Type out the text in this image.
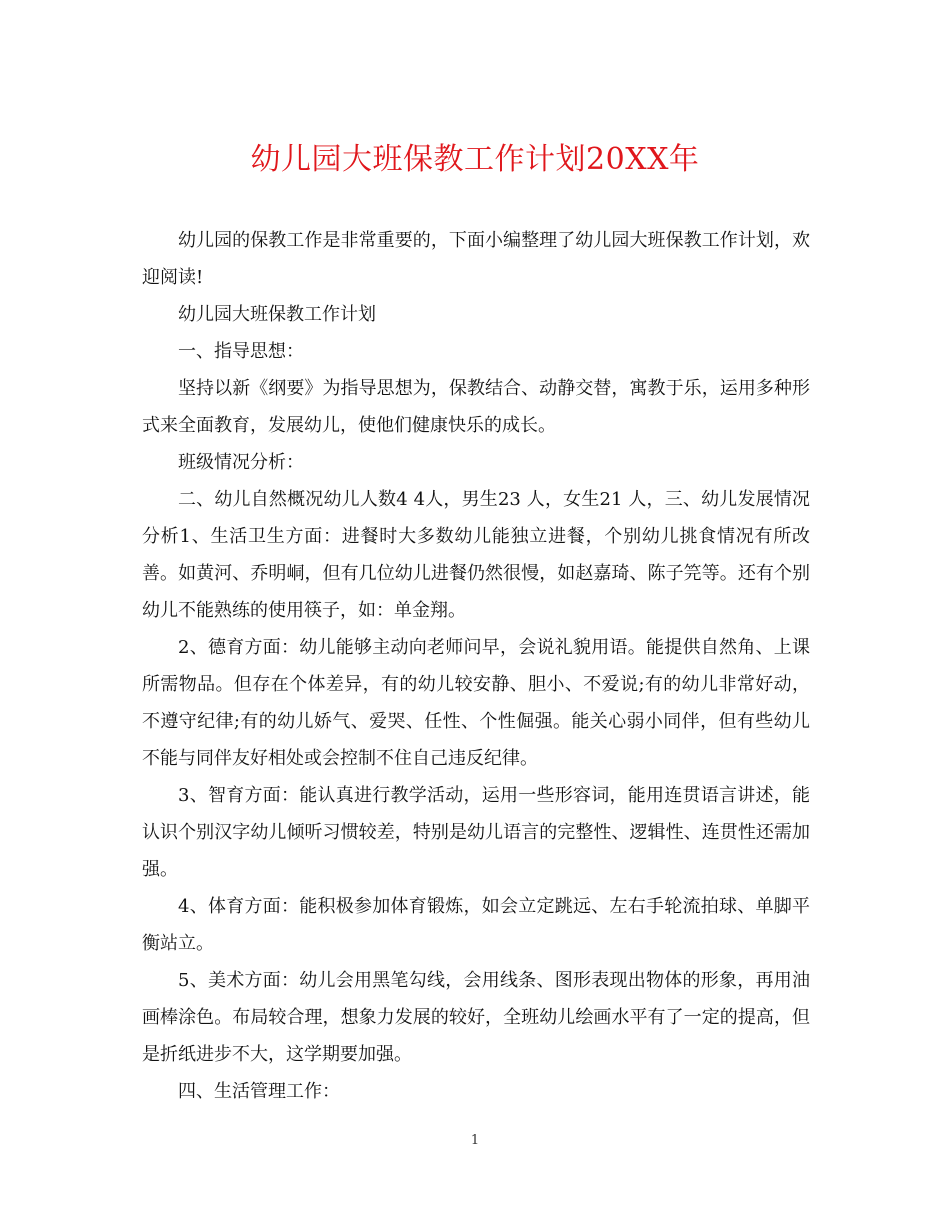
幼儿园大班保教工作计划20XX年

幼儿园的保教工作是非常重要的，下面小编整理了幼儿园大班保教工作计划，欢迎阅读!

幼儿园大班保教工作计划

一、指导思想：

坚持以新《纲要》为指导思想为，保教结合、动静交替，寓教于乐，运用多种形式来全面教育，发展幼儿，使他们健康快乐的成长。

班级情况分析：

二、幼儿自然概况幼儿人数4 4人，男生23 人，女生21 人，三、幼儿发展情况分析1、生活卫生方面：进餐时大多数幼儿能独立进餐，个别幼儿挑食情况有所改善。如黄河、乔明峒，但有几位幼儿进餐仍然很慢，如赵嘉琦、陈子笎等。还有个别幼儿不能熟练的使用筷子，如：单金翔。

2、德育方面：幼儿能够主动向老师问早，会说礼貌用语。能提供自然角、上课所需物品。但存在个体差异，有的幼儿较安静、胆小、不爱说;有的幼儿非常好动，不遵守纪律;有的幼儿娇气、爱哭、任性、个性倔强。能关心弱小同伴，但有些幼儿不能与同伴友好相处或会控制不住自己违反纪律。

3、智育方面：能认真进行教学活动，运用一些形容词，能用连贯语言讲述，能认识个别汉字幼儿倾听习惯较差，特别是幼儿语言的完整性、逻辑性、连贯性还需加强。

4、体育方面：能积极参加体育锻炼，如会立定跳远、左右手轮流拍球、单脚平衡站立。

5、美术方面：幼儿会用黑笔勾线，会用线条、图形表现出物体的形象，再用油画棒涂色。布局较合理，想象力发展的较好，全班幼儿绘画水平有了一定的提高，但是折纸进步不大，这学期要加强。

四、生活管理工作：

1
